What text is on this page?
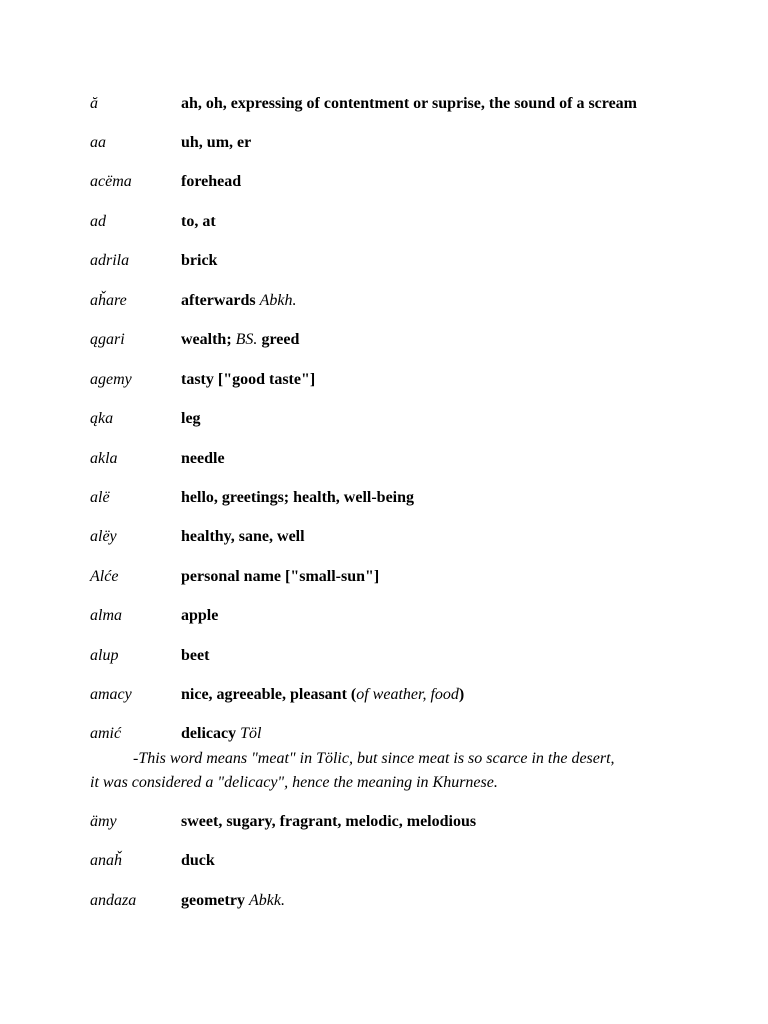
ă	ah, oh, expressing of contentment or suprise, the sound of a scream
aa	uh, um, er
acëma	forehead
ad	to, at
adrila	brick
aȟare	afterwards Abkh.
ągari	wealth; BS. greed
agemy	tasty ["good taste"]
ąka	leg
akla	needle
alë	hello, greetings; health, well-being
alëy	healthy, sane, well
Alće	personal name ["small-sun"]
alma	apple
alup	beet
amacy	nice, agreeable, pleasant (of weather, food)
amić	delicacy Töl
ämy	sweet, sugary, fragrant, melodic, melodious
anaȟ	duck
andaza	geometry Abkk.
-This word means "meat" in Tölic, but since meat is so scarce in the desert,
it was considered a "delicacy", hence the meaning in Khurnese.
